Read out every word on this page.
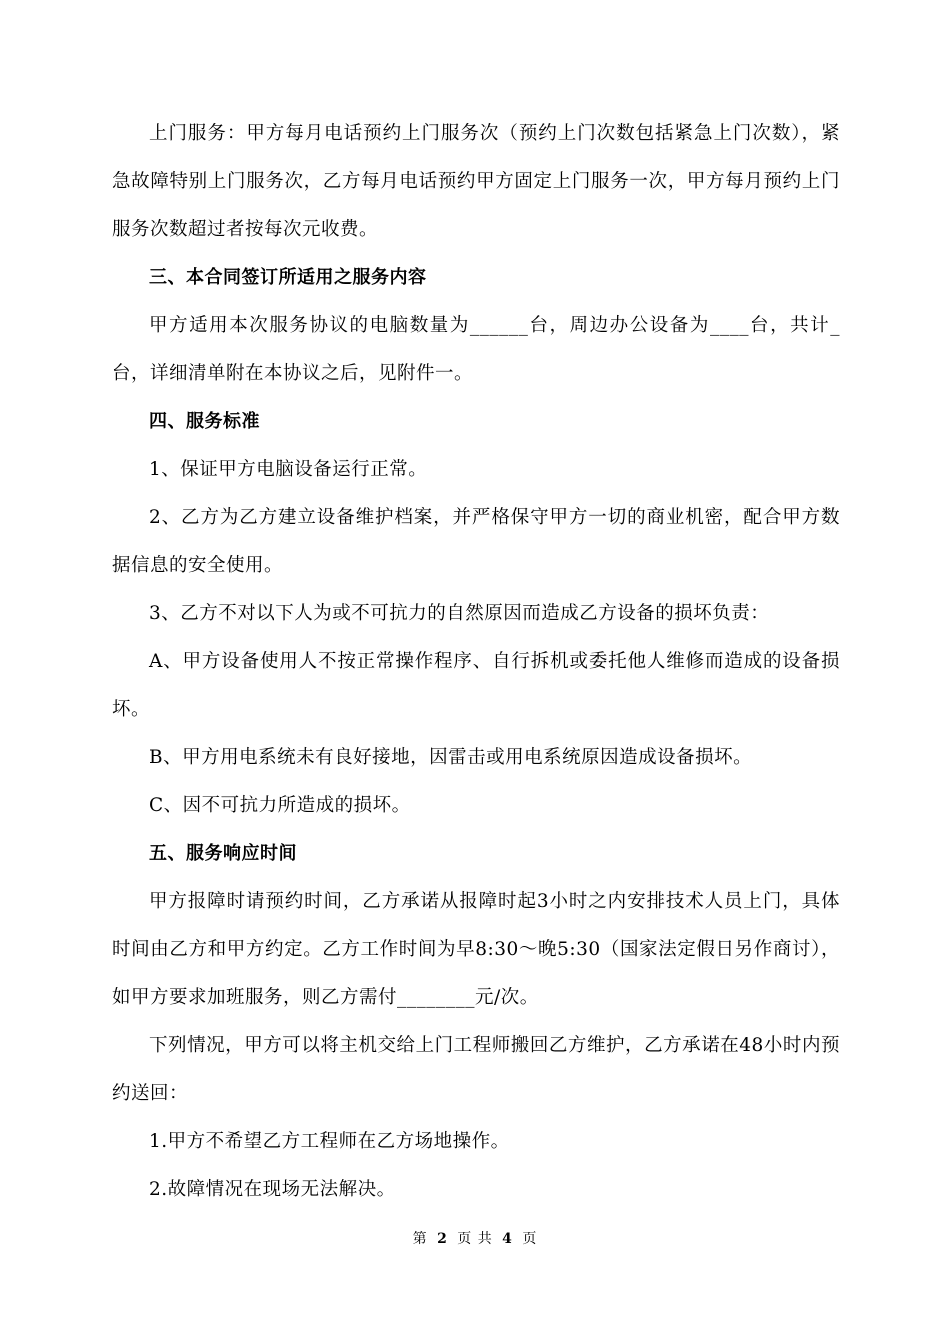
上门服务：甲方每月电话预约上门服务次（预约上门次数包括紧急上门次数），紧急故障特别上门服务次，乙方每月电话预约甲方固定上门服务一次，甲方每月预约上门服务次数超过者按每次元收费。

三、本合同签订所适用之服务内容

甲方适用本次服务协议的电脑数量为______台，周边办公设备为____台，共计_台，详细清单附在本协议之后，见附件一。

四、服务标准

1、保证甲方电脑设备运行正常。

2、乙方为乙方建立设备维护档案，并严格保守甲方一切的商业机密，配合甲方数据信息的安全使用。

3、乙方不对以下人为或不可抗力的自然原因而造成乙方设备的损坏负责：

A、甲方设备使用人不按正常操作程序、自行拆机或委托他人维修而造成的设备损坏。

B、甲方用电系统未有良好接地，因雷击或用电系统原因造成设备损坏。

C、因不可抗力所造成的损坏。

五、服务响应时间

甲方报障时请预约时间，乙方承诺从报障时起3小时之内安排技术人员上门，具体时间由乙方和甲方约定。乙方工作时间为早8:30～晚5:30（国家法定假日另作商讨），如甲方要求加班服务，则乙方需付________元/次。

下列情况，甲方可以将主机交给上门工程师搬回乙方维护，乙方承诺在48小时内预约送回：

1.甲方不希望乙方工程师在乙方场地操作。

2.故障情况在现场无法解决。

第 2 页 共 4 页
